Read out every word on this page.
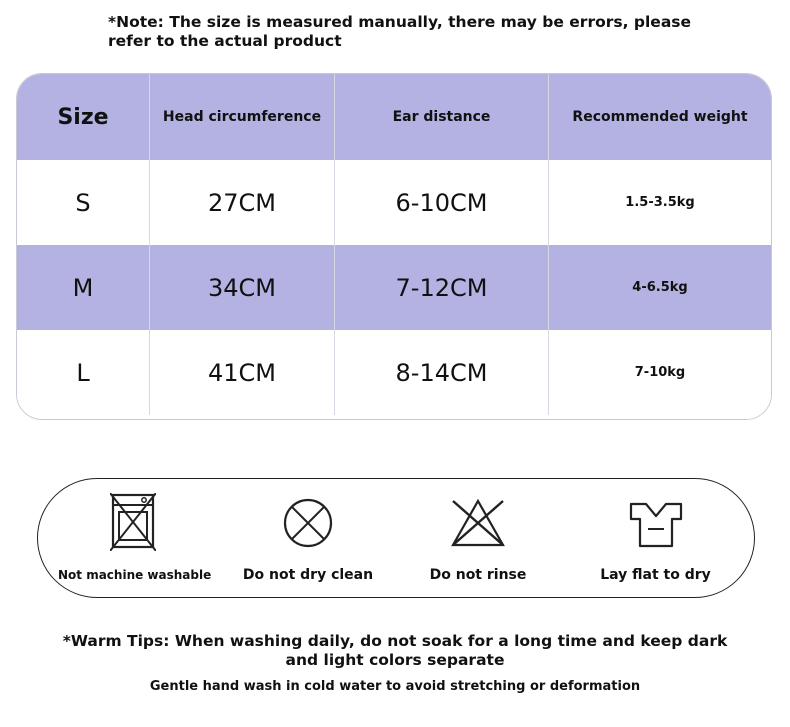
*Note: The size is measured manually, there may be errors, please refer to the actual product
Size	Head circumference	Ear distance	Recommended weight
S	27CM	6-10CM	1.5-3.5kg
M	34CM	7-12CM	4-6.5kg
L	41CM	8-14CM	7-10kg
Not machine washable	Do not dry clean	Do not rinse	Lay flat to dry
*Warm Tips: When washing daily, do not soak for a long time and keep dark and light colors separate
Gentle hand wash in cold water to avoid stretching or deformation
